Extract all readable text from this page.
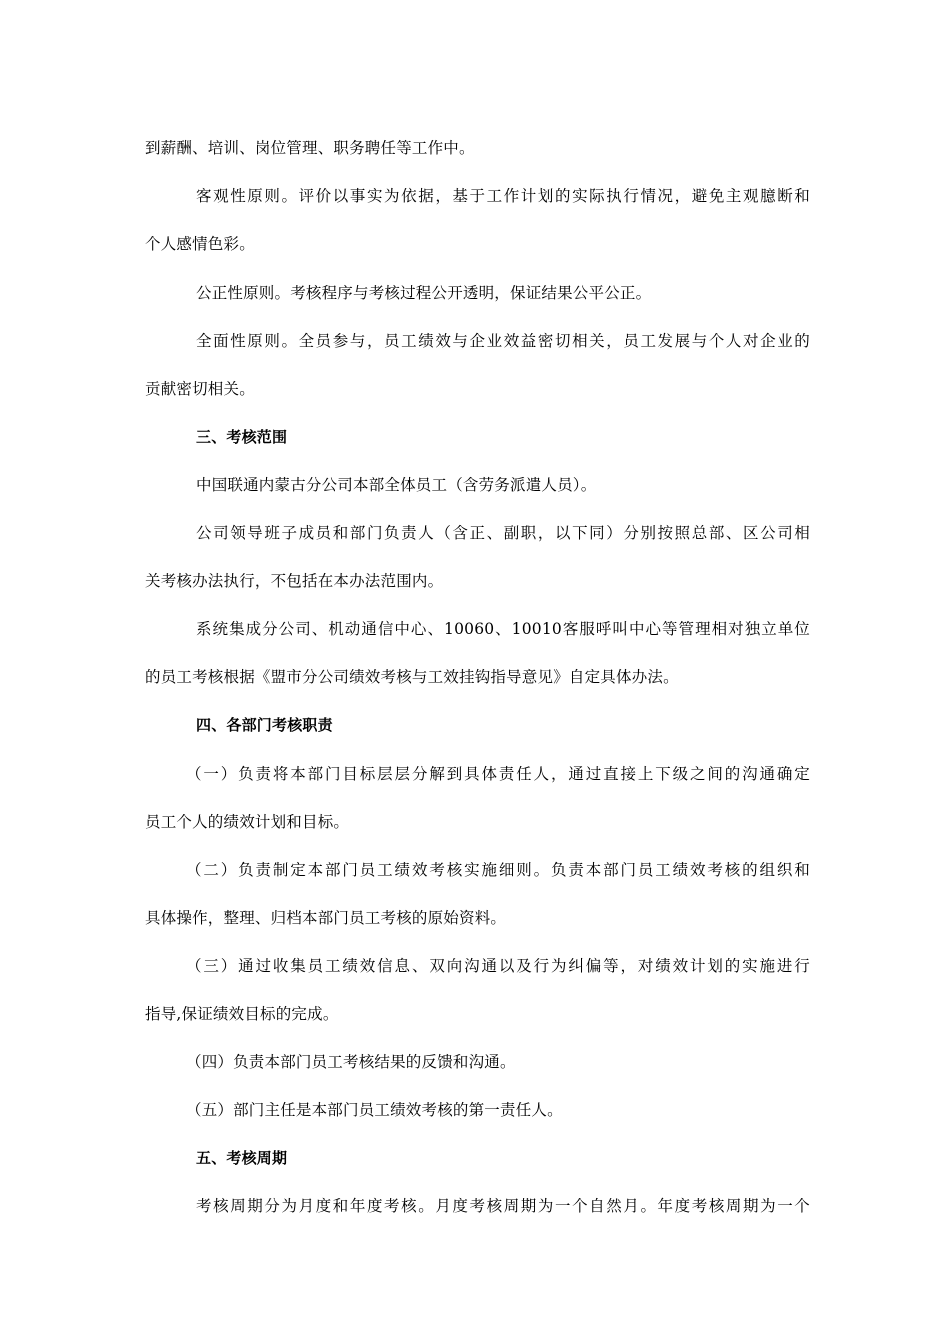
到薪酬、培训、岗位管理、职务聘任等工作中。
客观性原则。评价以事实为依据，基于工作计划的实际执行情况，避免主观臆断和
个人感情色彩。
公正性原则。考核程序与考核过程公开透明，保证结果公平公正。
全面性原则。全员参与，员工绩效与企业效益密切相关，员工发展与个人对企业的
贡献密切相关。
三、考核范围
中国联通内蒙古分公司本部全体员工（含劳务派遣人员）。
公司领导班子成员和部门负责人（含正、副职，以下同）分别按照总部、区公司相
关考核办法执行，不包括在本办法范围内。
系统集成分公司、机动通信中心、10060、10010客服呼叫中心等管理相对独立单位
的员工考核根据《盟市分公司绩效考核与工效挂钩指导意见》自定具体办法。
四、各部门考核职责
（一）负责将本部门目标层层分解到具体责任人，通过直接上下级之间的沟通确定
员工个人的绩效计划和目标。
（二）负责制定本部门员工绩效考核实施细则。负责本部门员工绩效考核的组织和
具体操作，整理、归档本部门员工考核的原始资料。
（三）通过收集员工绩效信息、双向沟通以及行为纠偏等，对绩效计划的实施进行
指导,保证绩效目标的完成。
（四）负责本部门员工考核结果的反馈和沟通。
（五）部门主任是本部门员工绩效考核的第一责任人。
五、考核周期
考核周期分为月度和年度考核。月度考核周期为一个自然月。年度考核周期为一个
